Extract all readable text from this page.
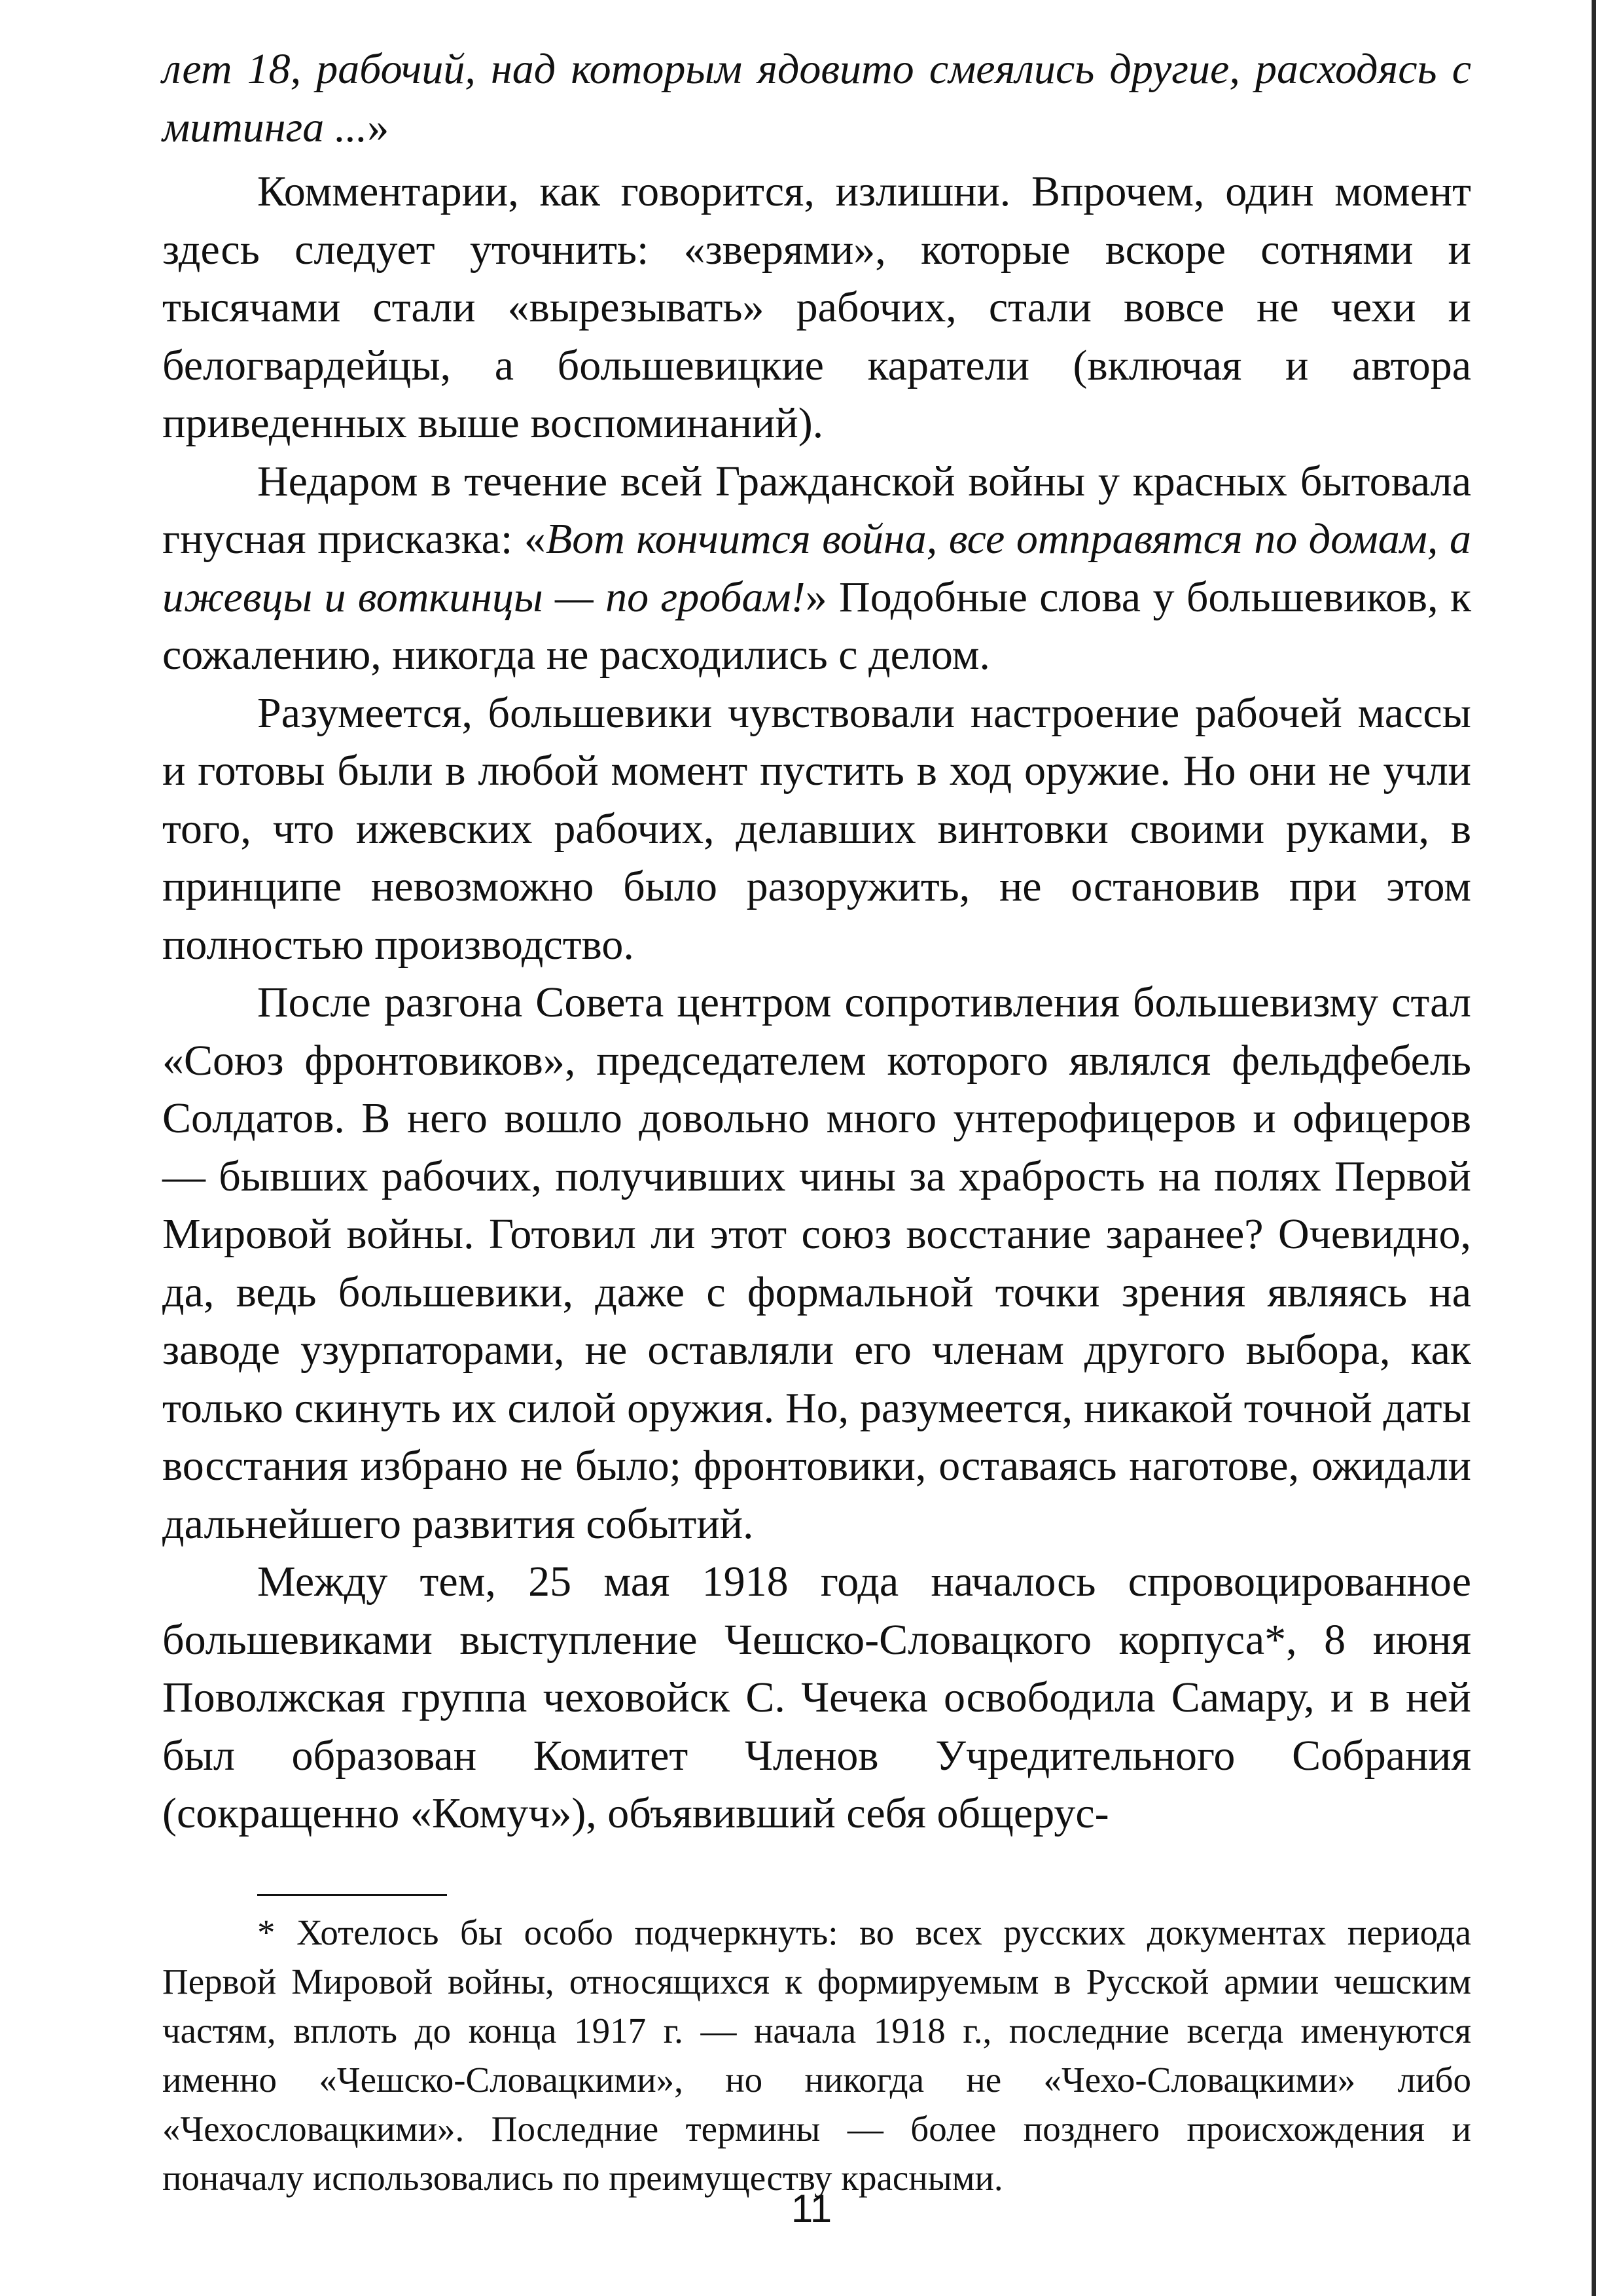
лет 18, рабочий, над которым ядовито смеялись другие, расходясь с митинга ...»

Комментарии, как говорится, излишни. Впрочем, один момент здесь следует уточнить: «зверями», которые вскоре сотнями и тысячами стали «вырезывать» рабочих, стали вовсе не чехи и белогвардейцы, а большевицкие каратели (включая и автора приведенных выше воспоминаний).

Недаром в течение всей Гражданской войны у красных бытовала гнусная присказка: «Вот кончится война, все отправятся по домам, а ижевцы и воткинцы — по гробам!» Подобные слова у большевиков, к сожалению, никогда не расходились с делом.

Разумеется, большевики чувствовали настроение рабочей массы и готовы были в любой момент пустить в ход оружие. Но они не учли того, что ижевских рабочих, делавших винтовки своими руками, в принципе невозможно было разоружить, не остановив при этом полностью производство.

После разгона Совета центром сопротивления большевизму стал «Союз фронтовиков», председателем которого являлся фельдфебель Солдатов. В него вошло довольно много унтерофицеров и офицеров — бывших рабочих, получивших чины за храбрость на полях Первой Мировой войны. Готовил ли этот союз восстание заранее? Очевидно, да, ведь большевики, даже с формальной точки зрения являясь на заводе узурпаторами, не оставляли его членам другого выбора, как только скинуть их силой оружия. Но, разумеется, никакой точной даты восстания избрано не было; фронтовики, оставаясь наготове, ожидали дальнейшего развития событий.

Между тем, 25 мая 1918 года началось спровоцированное большевиками выступление Чешско-Словацкого корпуса*, 8 июня Поволжская группа чеховойск С. Чечека освободила Самару, и в ней был образован Комитет Членов Учредительного Собрания (сокращенно «Комуч»), объявивший себя общерус-

* Хотелось бы особо подчеркнуть: во всех русских документах периода Первой Мировой войны, относящихся к формируемым в Русской армии чешским частям, вплоть до конца 1917 г. — начала 1918 г., последние всегда именуются именно «Чешско-Словацкими», но никогда не «Чехо-Словацкими» либо «Чехословацкими». Последние термины — более позднего происхождения и поначалу использовались по преимуществу красными.

11
